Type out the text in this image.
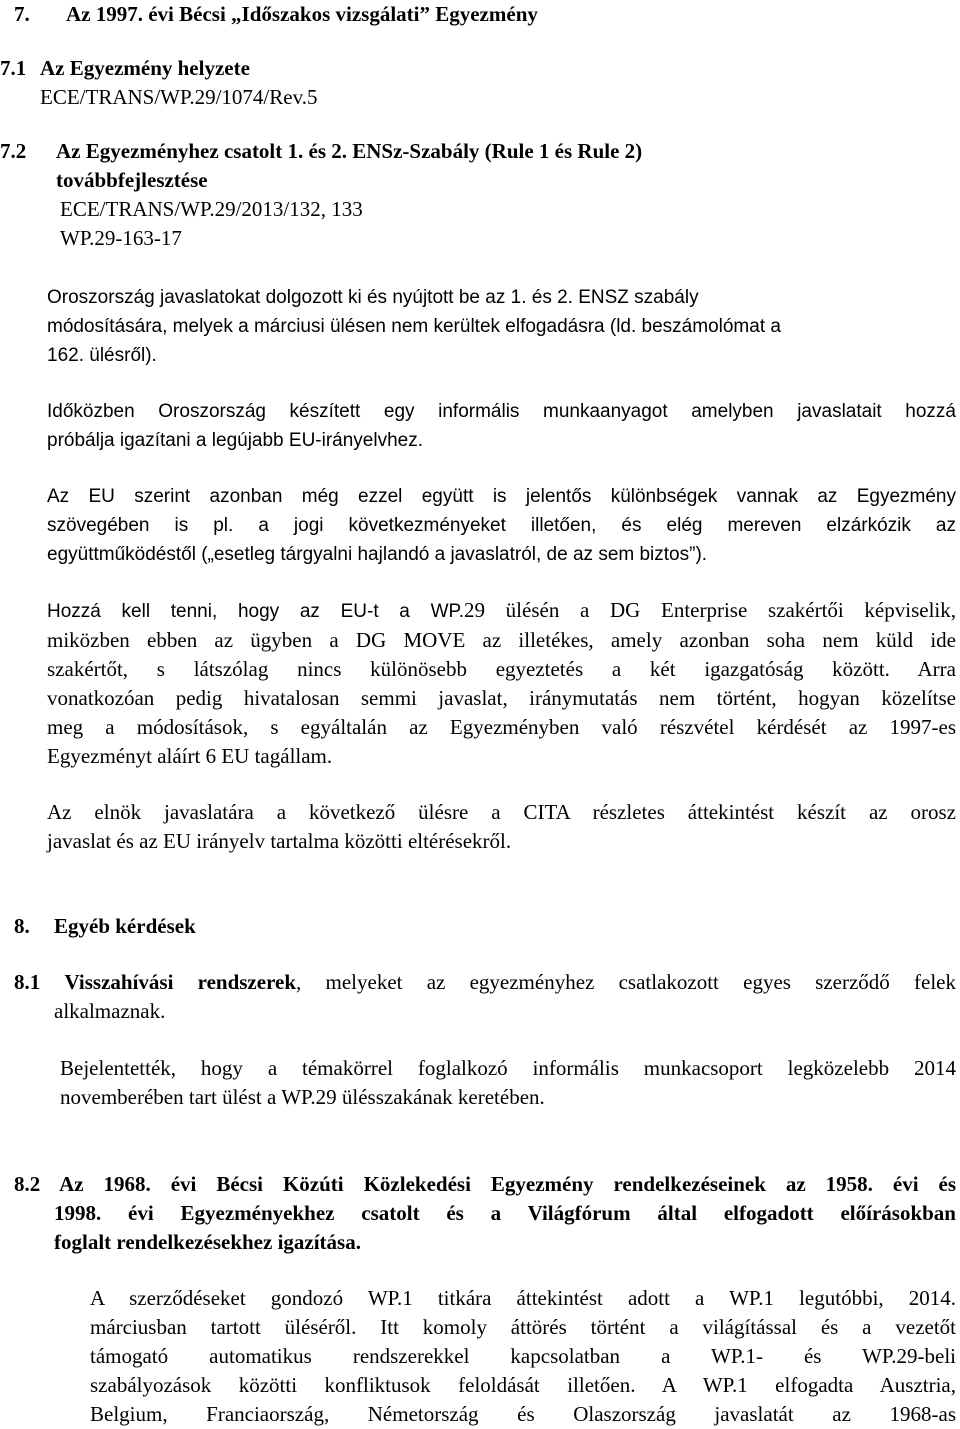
7. Az 1997. évi Bécsi „Időszakos vizsgálati” Egyezmény
7.1 Az Egyezmény helyzete
ECE/TRANS/WP.29/1074/Rev.5
7.2 Az Egyezményhez csatolt 1. és 2. ENSz-Szabály (Rule 1 és Rule 2)
továbbfejlesztése
ECE/TRANS/WP.29/2013/132, 133
WP.29-163-17
Oroszország javaslatokat dolgozott ki és nyújtott be az 1. és 2. ENSZ szabály
módosítására, melyek a márciusi ülésen nem kerültek elfogadásra (ld. beszámolómat a
162. ülésről).
Időközben Oroszország készített egy informális munkaanyagot amelyben javaslatait hozzá
próbálja igazítani a legújabb EU-irányelvhez.
Az EU szerint azonban még ezzel együtt is jelentős különbségek vannak az Egyezmény
szövegében is pl. a jogi következményeket illetően, és elég mereven elzárkózik az
együttműködéstől („esetleg tárgyalni hajlandó a javaslatról, de az sem biztos”).
Hozzá kell tenni, hogy az EU-t a WP.29 ülésén a DG Enterprise szakértői képviselik,
miközben ebben az ügyben a DG MOVE az illetékes, amely azonban soha nem küld ide
szakértőt, s látszólag nincs különösebb egyeztetés a két igazgatóság között. Arra
vonatkozóan pedig hivatalosan semmi javaslat, iránymutatás nem történt, hogyan közelítse
meg a módosítások, s egyáltalán az Egyezményben való részvétel kérdését az 1997-es
Egyezményt aláírt 6 EU tagállam.
Az elnök javaslatára a következő ülésre a CITA részletes áttekintést készít az orosz
javaslat és az EU irányelv tartalma közötti eltérésekről.
8. Egyéb kérdések
8.1 Visszahívási rendszerek, melyeket az egyezményhez csatlakozott egyes szerződő felek
alkalmaznak.
Bejelentették, hogy a témakörrel foglalkozó informális munkacsoport legközelebb 2014
novemberében tart ülést a WP.29 ülésszakának keretében.
8.2 Az 1968. évi Bécsi Közúti Közlekedési Egyezmény rendelkezéseinek az 1958. évi és
1998. évi Egyezményekhez csatolt és a Világfórum által elfogadott előírásokban
foglalt rendelkezésekhez igazítása.
A szerződéseket gondozó WP.1 titkára áttekintést adott a WP.1 legutóbbi, 2014.
márciusban tartott üléséről. Itt komoly áttörés történt a világítással és a vezetőt
támogató automatikus rendszerekkel kapcsolatban a WP.1- és WP.29-beli
szabályozások közötti konfliktusok feloldását illetően. A WP.1 elfogadta Ausztria,
Belgium, Franciaország, Németország és Olaszország javaslatát az 1968-as
